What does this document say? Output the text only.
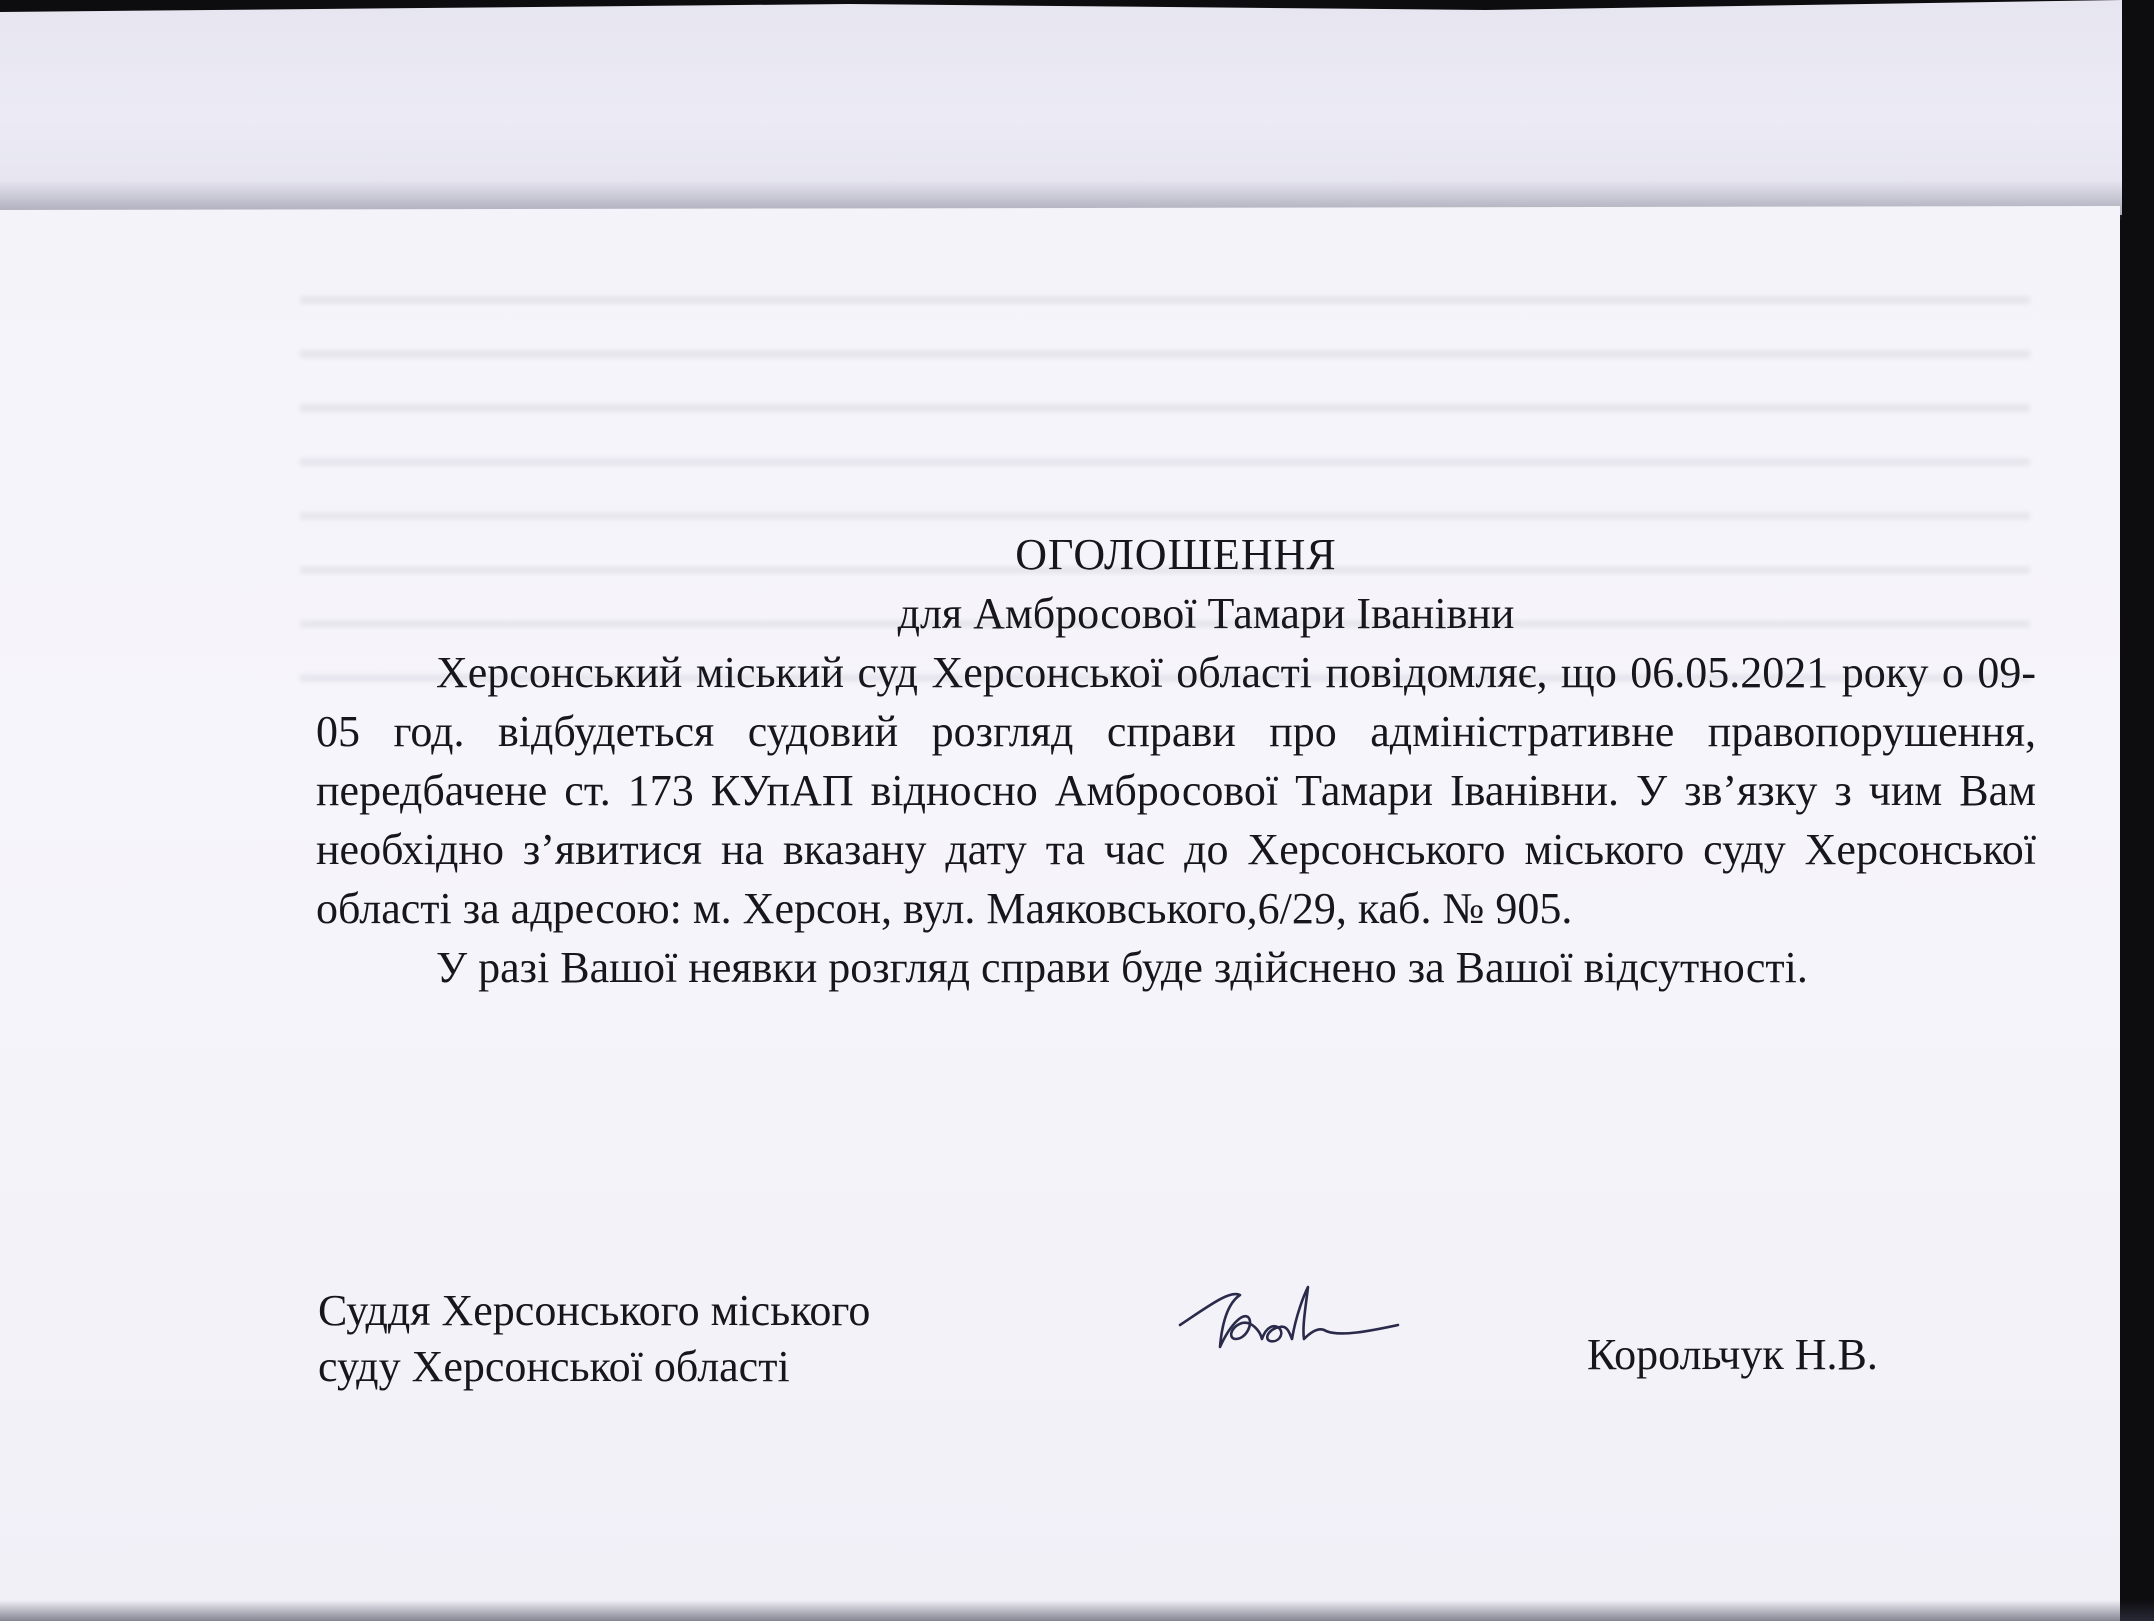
ОГОЛОШЕННЯ

для Амбросової Тамари Іванівни

Херсонський міський суд Херсонської області повідомляє, що 06.05.2021 року о 09-05 год. відбудеться судовий розгляд справи про адміністративне правопорушення, передбачене ст. 173 КУпАП відносно Амбросової Тамари Іванівни. У зв’язку з чим Вам необхідно з’явитися на вказану дату та час до Херсонського міського суду Херсонської області за адресою: м. Херсон, вул. Маяковського,6/29, каб. № 905.

У разі Вашої неявки розгляд справи буде здійснено за Вашої відсутності.

Суддя Херсонського міського
суду Херсонської області	Корольчук Н.В.
